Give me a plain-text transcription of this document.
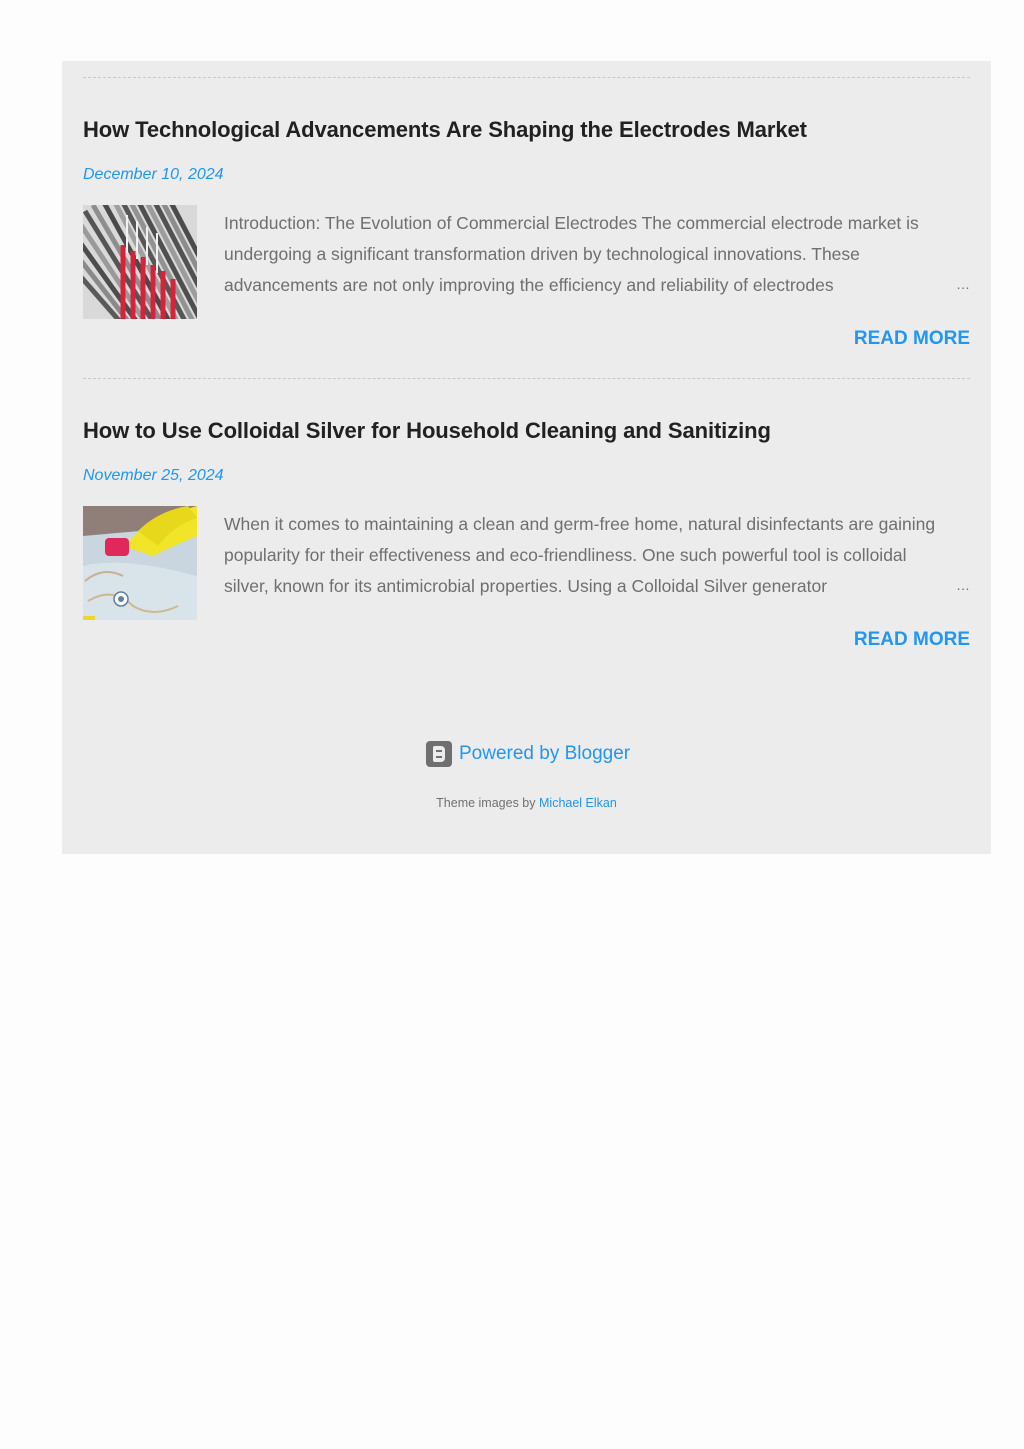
How Technological Advancements Are Shaping the Electrodes Market
December 10, 2024
Introduction: The Evolution of Commercial Electrodes The commercial electrode market is undergoing a significant transformation driven by technological innovations. These advancements are not only improving the efficiency and reliability of electrodes	…
READ MORE
How to Use Colloidal Silver for Household Cleaning and Sanitizing
November 25, 2024
When it comes to maintaining a clean and germ-free home, natural disinfectants are gaining popularity for their effectiveness and eco-friendliness. One such powerful tool is colloidal silver, known for its antimicrobial properties. Using a Colloidal Silver generator	…
READ MORE
Powered by Blogger
Theme images by Michael Elkan
